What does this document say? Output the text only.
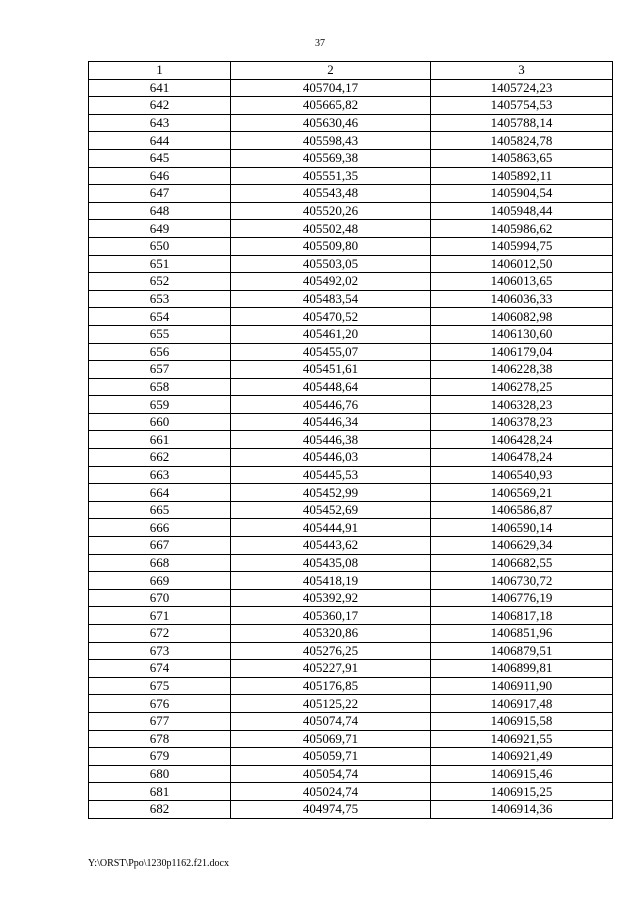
37
1	2	3
641	405704,17	1405724,23
642	405665,82	1405754,53
643	405630,46	1405788,14
644	405598,43	1405824,78
645	405569,38	1405863,65
646	405551,35	1405892,11
647	405543,48	1405904,54
648	405520,26	1405948,44
649	405502,48	1405986,62
650	405509,80	1405994,75
651	405503,05	1406012,50
652	405492,02	1406013,65
653	405483,54	1406036,33
654	405470,52	1406082,98
655	405461,20	1406130,60
656	405455,07	1406179,04
657	405451,61	1406228,38
658	405448,64	1406278,25
659	405446,76	1406328,23
660	405446,34	1406378,23
661	405446,38	1406428,24
662	405446,03	1406478,24
663	405445,53	1406540,93
664	405452,99	1406569,21
665	405452,69	1406586,87
666	405444,91	1406590,14
667	405443,62	1406629,34
668	405435,08	1406682,55
669	405418,19	1406730,72
670	405392,92	1406776,19
671	405360,17	1406817,18
672	405320,86	1406851,96
673	405276,25	1406879,51
674	405227,91	1406899,81
675	405176,85	1406911,90
676	405125,22	1406917,48
677	405074,74	1406915,58
678	405069,71	1406921,55
679	405059,71	1406921,49
680	405054,74	1406915,46
681	405024,74	1406915,25
682	404974,75	1406914,36
Y:\ORST\Ppo\1230p1162.f21.docx
